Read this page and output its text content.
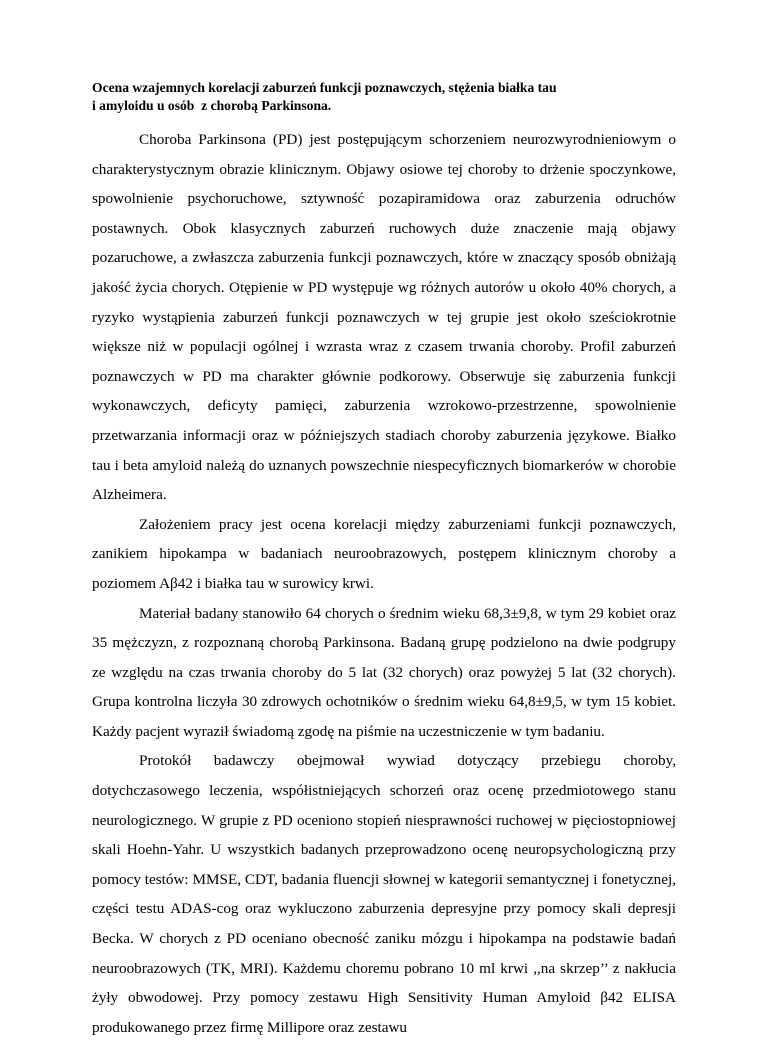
Ocena wzajemnych korelacji zaburzeń funkcji poznawczych, stężenia białka tau
i amyloidu u osób  z chorobą Parkinsona.

Choroba Parkinsona (PD) jest postępującym schorzeniem neurozwyrodnieniowym o charakterystycznym obrazie klinicznym. Objawy osiowe tej choroby to drżenie spoczynkowe, spowolnienie psychoruchowe, sztywność pozapiramidowa oraz zaburzenia odruchów postawnych. Obok klasycznych zaburzeń ruchowych duże znaczenie mają objawy pozaruchowe, a zwłaszcza zaburzenia funkcji poznawczych, które w znaczący sposób obniżają jakość życia chorych. Otępienie w PD występuje wg różnych autorów u około 40% chorych, a ryzyko wystąpienia zaburzeń funkcji poznawczych w tej grupie jest około sześciokrotnie większe niż w populacji ogólnej i wzrasta wraz z czasem trwania choroby. Profil zaburzeń poznawczych w PD ma charakter głównie podkorowy. Obserwuje się zaburzenia funkcji wykonawczych, deficyty pamięci, zaburzenia wzrokowo-przestrzenne, spowolnienie przetwarzania informacji oraz w późniejszych stadiach choroby zaburzenia językowe. Białko tau i beta amyloid należą do uznanych powszechnie niespecyficznych biomarkerów w chorobie Alzheimera.

Założeniem pracy jest ocena korelacji między zaburzeniami funkcji poznawczych, zanikiem hipokampa w badaniach neuroobrazowych, postępem klinicznym choroby a poziomem Aβ42 i białka tau w surowicy krwi.

Materiał badany stanowiło 64 chorych o średnim wieku 68,3±9,8, w tym 29 kobiet oraz 35 mężczyzn, z rozpoznaną chorobą Parkinsona. Badaną grupę podzielono na dwie podgrupy ze względu na czas trwania choroby do 5 lat (32 chorych) oraz powyżej 5 lat (32 chorych). Grupa kontrolna liczyła 30 zdrowych ochotników o średnim wieku 64,8±9,5, w tym 15 kobiet. Każdy pacjent wyraził świadomą zgodę na piśmie na uczestniczenie w tym badaniu.

Protokół badawczy obejmował wywiad dotyczący przebiegu choroby, dotychczasowego leczenia, współistniejących schorzeń oraz ocenę przedmiotowego stanu neurologicznego. W grupie z PD oceniono stopień niesprawności ruchowej w pięciostopniowej skali Hoehn-Yahr. U wszystkich badanych przeprowadzono ocenę neuropsychologiczną przy pomocy testów: MMSE, CDT, badania fluencji słownej w kategorii semantycznej i fonetycznej, części testu ADAS-cog oraz wykluczono zaburzenia depresyjne przy pomocy skali depresji Becka. W chorych z PD oceniano obecność zaniku mózgu i hipokampa na podstawie badań neuroobrazowych (TK, MRI). Każdemu choremu pobrano 10 ml krwi ,,na skrzep’’ z nakłucia żyły obwodowej. Przy pomocy zestawu High Sensitivity Human Amyloid β42 ELISA produkowanego przez firmę Millipore oraz zestawu
